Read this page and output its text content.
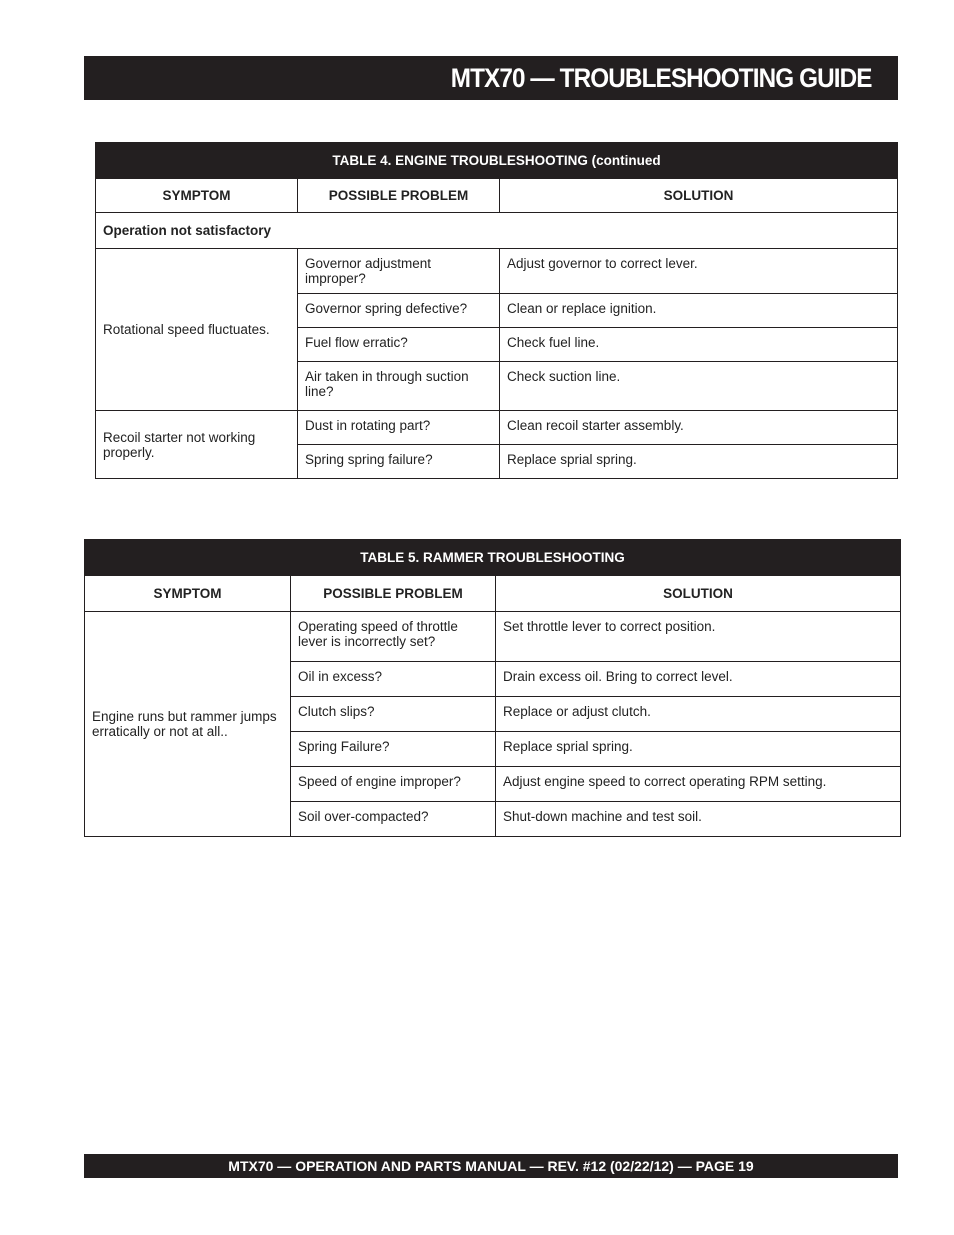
MTX70 — TROUBLESHOOTING GUIDE
TABLE 4. ENGINE TROUBLESHOOTING (continued		
SYMPTOM	POSSIBLE PROBLEM	SOLUTION
Operation not satisfactory		
Rotational speed fluctuates.	Governor adjustment improper?	Adjust governor to correct lever.
	Governor spring defective?	Clean or replace ignition.
	Fuel flow erratic?	Check fuel line.
	Air taken in through suction line?	Check suction line.
Recoil starter not working properly.	Dust in rotating part?	Clean recoil starter assembly.
	Spring spring failure?	Replace sprial spring.
TABLE 5. RAMMER TROUBLESHOOTING		
SYMPTOM	POSSIBLE PROBLEM	SOLUTION
Engine runs but rammer jumps erratically or not at all..	Operating speed of throttle lever is incorrectly set?	Set throttle lever to correct position.
	Oil in excess?	Drain excess oil. Bring to correct level.
	Clutch slips?	Replace or adjust clutch.
	Spring Failure?	Replace sprial spring.
	Speed of engine improper?	Adjust engine speed to correct operating RPM setting.
	Soil over-compacted?	Shut-down machine and test soil.
MTX70 — OPERATION AND PARTS MANUAL — REV. #12 (02/22/12) — PAGE 19
